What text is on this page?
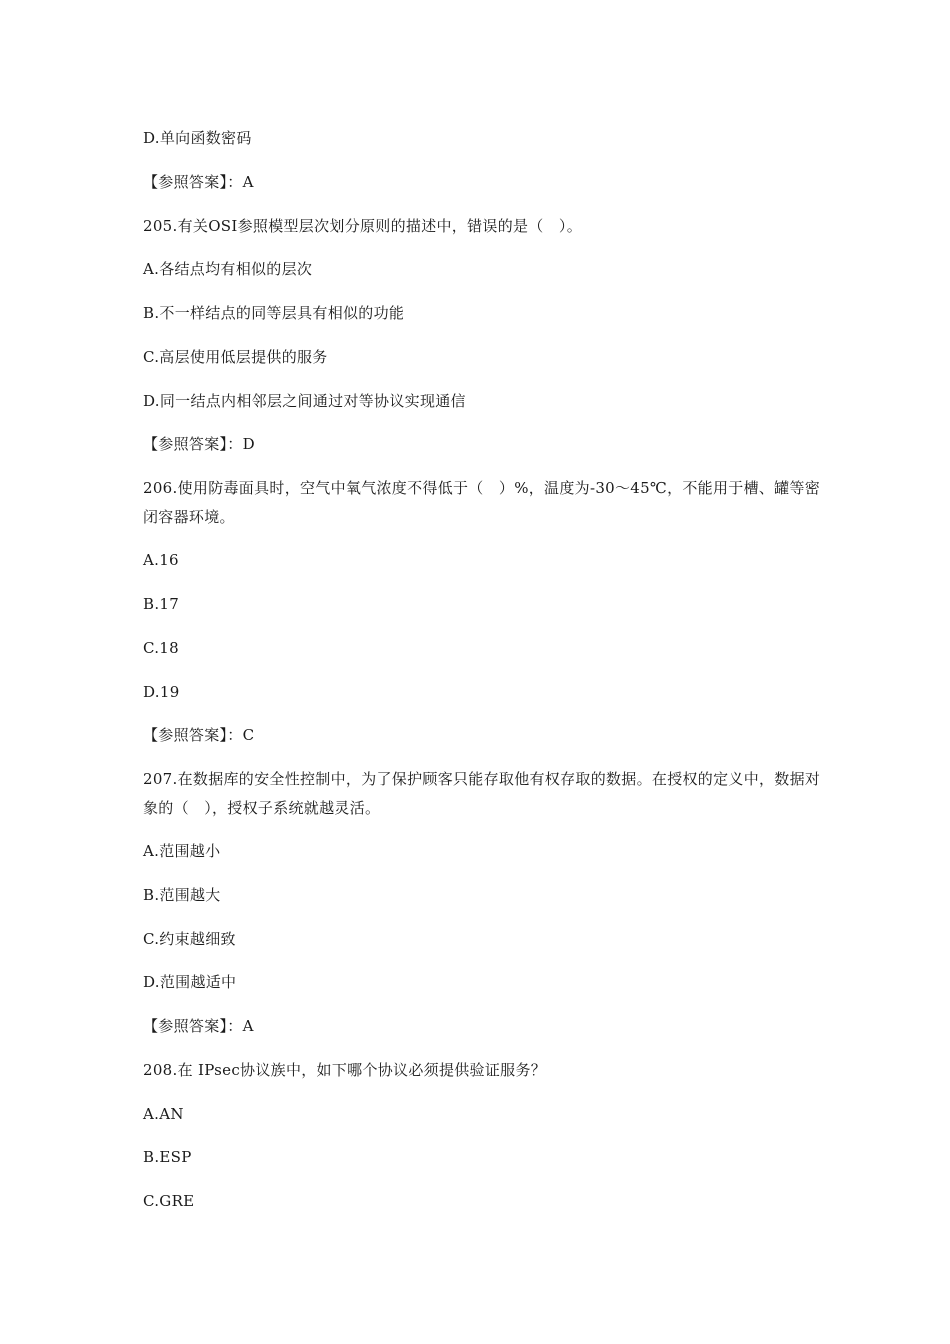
D.单向函数密码
【参照答案】：A
205.有关OSI参照模型层次划分原则的描述中，错误的是（　）。
A.各结点均有相似的层次
B.不一样结点的同等层具有相似的功能
C.高层使用低层提供的服务
D.同一结点内相邻层之间通过对等协议实现通信
【参照答案】：D
206.使用防毒面具时，空气中氧气浓度不得低于（　）%，温度为-30～45℃，不能用于槽、罐等密闭容器环境。
A.16
B.17
C.18
D.19
【参照答案】：C
207.在数据库的安全性控制中，为了保护顾客只能存取他有权存取的数据。在授权的定义中，数据对象的（　），授权子系统就越灵活。
A.范围越小
B.范围越大
C.约束越细致
D.范围越适中
【参照答案】：A
208.在 IPsec协议族中，如下哪个协议必须提供验证服务？
A.AN
B.ESP
C.GRE
